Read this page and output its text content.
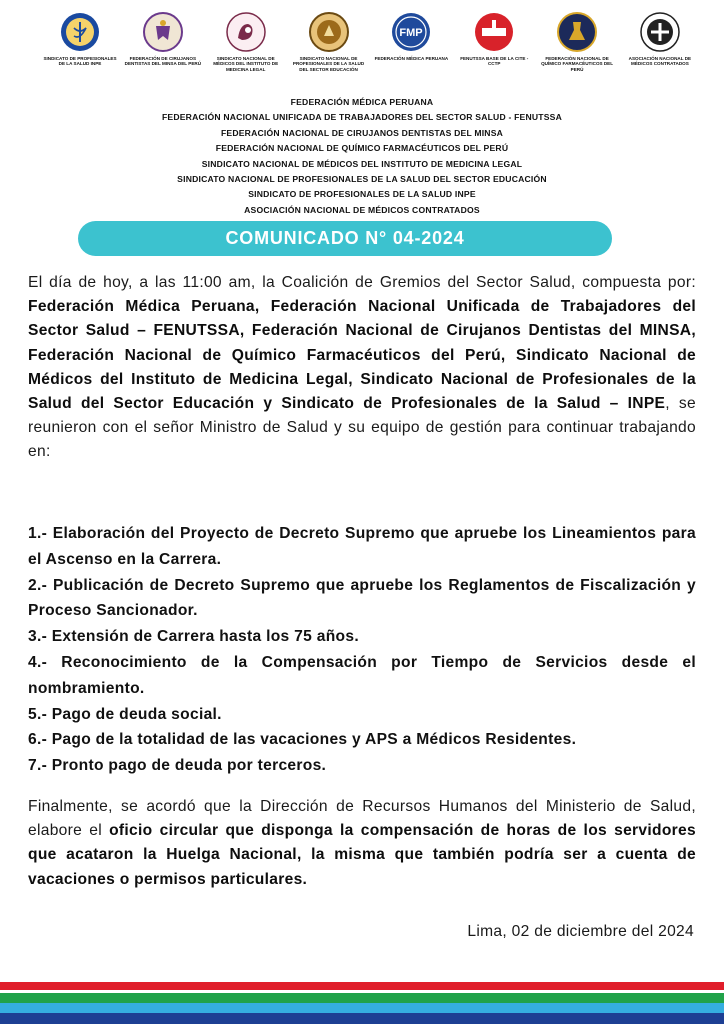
SINDICATO DE PROFESIONALES DE LA SALUD INPE
FEDERACIÓN DE CIRUJANOS DENTISTAS DEL MINSA DEL PERÚ
SINDICATO NACIONAL DE MÉDICOS DEL INSTITUTO DE MEDICINA LEGAL
SINDICATO NACIONAL DE PROFESIONALES DE LA SALUD DEL SECTOR EDUCACIÓN
FMP
FEDERACIÓN MÉDICA PERUANA	FENUTSSA BASE DE LA CITE - CCTP
FEDERACIÓN NACIONAL DE QUÍMICO FARMACÉUTICOS DEL PERÚ
ASOCIACIÓN NACIONAL DE MÉDICOS CONTRATADOS
FEDERACIÓN MÉDICA PERUANA
FEDERACIÓN NACIONAL UNIFICADA DE TRABAJADORES DEL SECTOR SALUD - FENUTSSA
FEDERACIÓN NACIONAL DE CIRUJANOS DENTISTAS DEL MINSA
FEDERACIÓN NACIONAL DE QUÍMICO FARMACÉUTICOS DEL PERÚ
SINDICATO NACIONAL DE MÉDICOS DEL INSTITUTO DE MEDICINA LEGAL
SINDICATO NACIONAL DE PROFESIONALES DE LA SALUD DEL SECTOR EDUCACIÓN
SINDICATO DE PROFESIONALES DE LA SALUD INPE
ASOCIACIÓN NACIONAL DE MÉDICOS CONTRATADOS
COMUNICADO N° 04-2024
El día de hoy, a las 11:00 am, la Coalición de Gremios del Sector Salud, compuesta por: Federación Médica Peruana, Federación Nacional Unificada de Trabajadores del Sector Salud – FENUTSSA, Federación Nacional de Cirujanos Dentistas del MINSA, Federación Nacional de Químico Farmacéuticos del Perú, Sindicato Nacional de Médicos del Instituto de Medicina Legal, Sindicato Nacional de Profesionales de la Salud del Sector Educación y Sindicato de Profesionales de la Salud – INPE, se reunieron con el señor Ministro de Salud y su equipo de gestión para continuar trabajando en:
1.- Elaboración del Proyecto de Decreto Supremo que apruebe los Lineamientos para el Ascenso en la Carrera.
2.- Publicación de Decreto Supremo que apruebe los Reglamentos de Fiscalización y Proceso Sancionador.
3.- Extensión de Carrera hasta los 75 años.
4.- Reconocimiento de la Compensación por Tiempo de Servicios desde el nombramiento.
5.- Pago de deuda social.
6.- Pago de la totalidad de las vacaciones y APS a Médicos Residentes.
7.- Pronto pago de deuda por terceros.
Finalmente, se acordó que la Dirección de Recursos Humanos del Ministerio de Salud, elabore el oficio circular que disponga la compensación de horas de los servidores que acataron la Huelga Nacional, la misma que también podría ser a cuenta de vacaciones o permisos particulares.
Lima, 02 de diciembre del 2024
